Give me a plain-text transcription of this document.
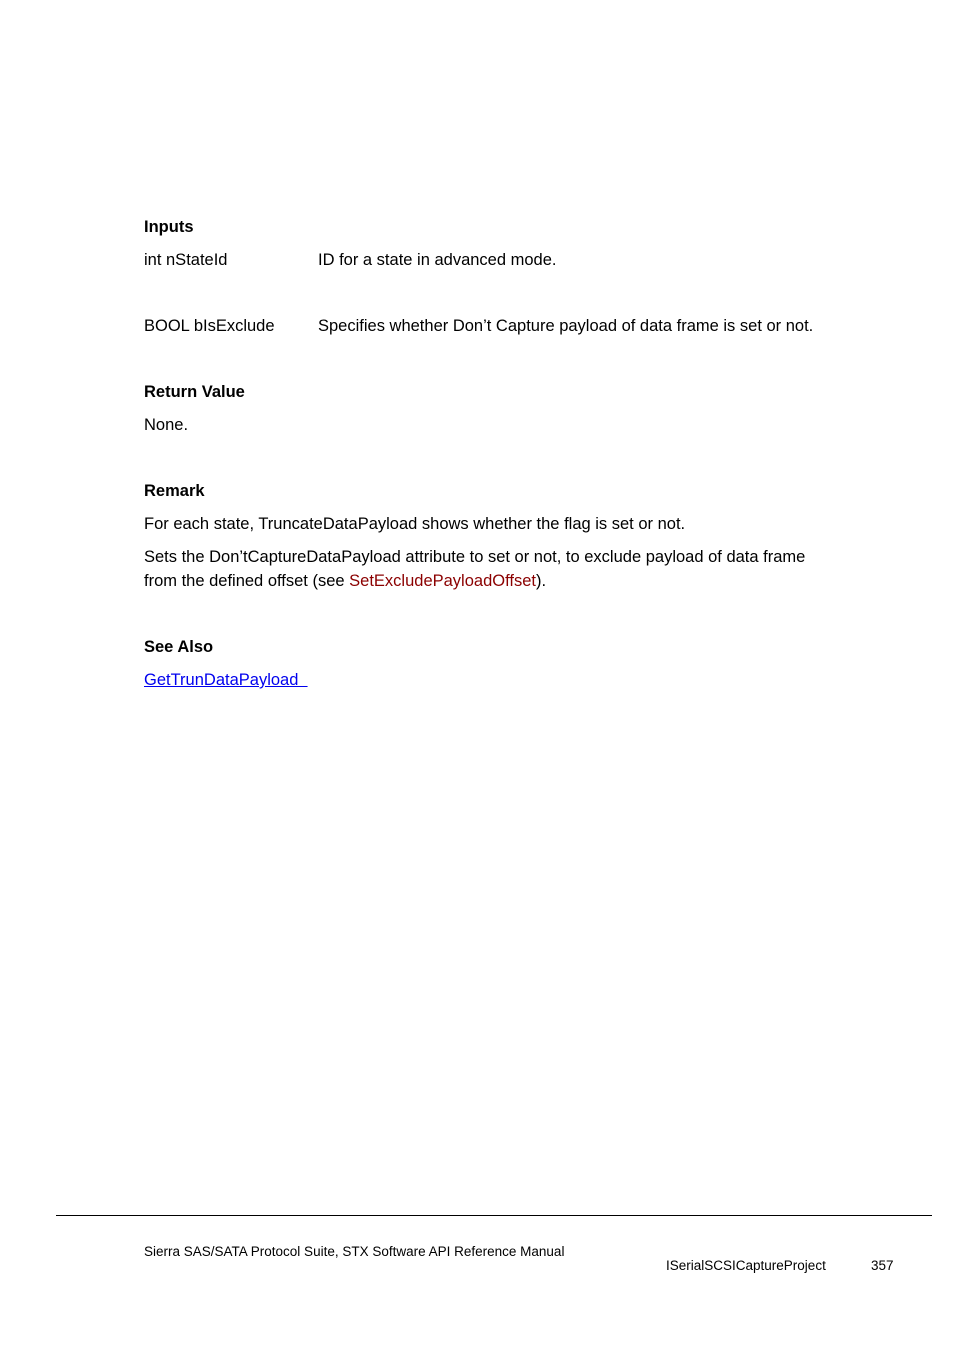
Inputs
int nStateId	ID for a state in advanced mode.
BOOL bIsExclude	Specifies whether Don’t Capture payload of data frame is set or not.
Return Value
None.
Remark
For each state, TruncateDataPayload shows whether the flag is set or not.
Sets the Don’tCaptureDataPayload attribute to set or not, to exclude payload of data frame
from the defined offset (see SetExcludePayloadOffset).
See Also
GetTrunDataPayload
Sierra SAS/SATA Protocol Suite, STX Software API Reference Manual
ISerialSCSICaptureProject	357
